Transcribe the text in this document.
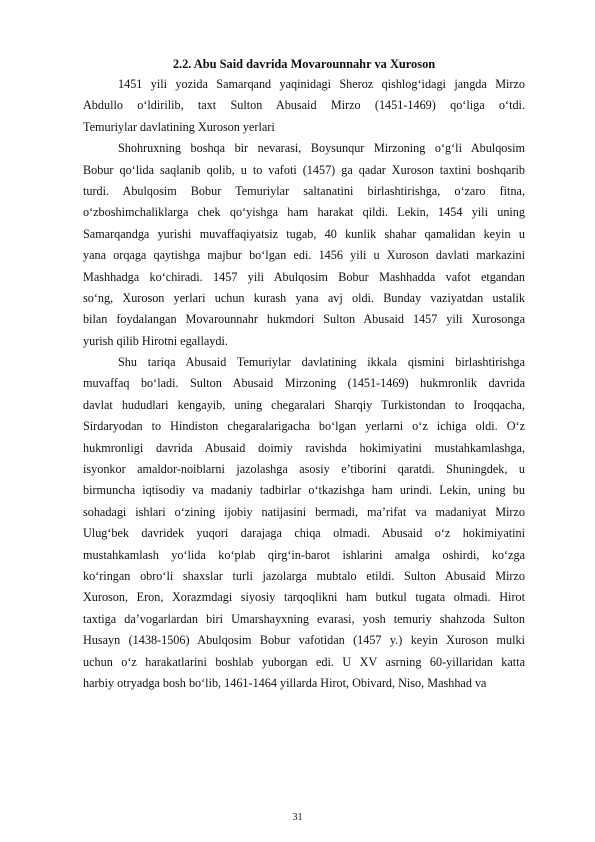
2.2. Abu Said davrida Movarounnahr va Xuroson
1451 yili yozida Samarqand yaqinidagi Sheroz qishlog‘idagi jangda Mirzo
Abdullo o‘ldirilib, taxt Sulton Abusaid Mirzo (1451-1469) qo‘liga o‘tdi.
Temuriylar davlatining Xuroson yerlari
Shohruxning boshqa bir nevarasi, Boysunqur Mirzoning o‘g‘li Abulqosim
Bobur qo‘lida saqlanib qolib, u to vafoti (1457) ga qadar Xuroson taxtini boshqarib
turdi. Abulqosim Bobur Temuriylar saltanatini birlashtirishga, o‘zaro fitna,
o‘zboshimchaliklarga chek qo‘yishga ham harakat qildi. Lekin, 1454 yili uning
Samarqandga yurishi muvaffaqiyatsiz tugab, 40 kunlik shahar qamalidan keyin u
yana orqaga qaytishga majbur bo‘lgan edi. 1456 yili u Xuroson davlati markazini
Mashhadga ko‘chiradi. 1457 yili Abulqosim Bobur Mashhadda vafot etgandan
so‘ng, Xuroson yerlari uchun kurash yana avj oldi. Bunday vaziyatdan ustalik
bilan foydalangan Movarounnahr hukmdori Sulton Abusaid 1457 yili Xurosonga
yurish qilib Hirotni egallaydi.
Shu tariqa Abusaid Temuriylar davlatining ikkala qismini birlashtirishga
muvaffaq bo‘ladi. Sulton Abusaid Mirzoning (1451-1469) hukmronlik davrida
davlat hududlari kengayib, uning chegaralari Sharqiy Turkistondan to Iroqqacha,
Sirdaryodan to Hindiston chegaralarigacha bo‘lgan yerlarni o‘z ichiga oldi. O‘z
hukmronligi davrida Abusaid doimiy ravishda hokimiyatini mustahkamlashga,
isyonkor amaldor-noiblarni jazolashga asosiy e’tiborini qaratdi. Shuningdek, u
birmuncha iqtisodiy va madaniy tadbirlar o‘tkazishga ham urindi. Lekin, uning bu
sohadagi ishlari o‘zining ijobiy natijasini bermadi, ma’rifat va madaniyat Mirzo
Ulug‘bek davridek yuqori darajaga chiqa olmadi. Abusaid o‘z hokimiyatini
mustahkamlash yo‘lida ko‘plab qirg‘in-barot ishlarini amalga oshirdi, ko‘zga
ko‘ringan obro‘li shaxslar turli jazolarga mubtalo etildi. Sulton Abusaid Mirzo
Xuroson, Eron, Xorazmdagi siyosiy tarqoqlikni ham butkul tugata olmadi. Hirot
taxtiga da’vogarlardan biri Umarshayxning evarasi, yosh temuriy shahzoda Sulton
Husayn (1438-1506) Abulqosim Bobur vafotidan (1457 y.) keyin Xuroson mulki
uchun o‘z harakatlarini boshlab yuborgan edi. U XV asrning 60-yillaridan katta
harbiy otryadga bosh bo‘lib, 1461-1464 yillarda Hirot, Obivard, Niso, Mashhad va
31
